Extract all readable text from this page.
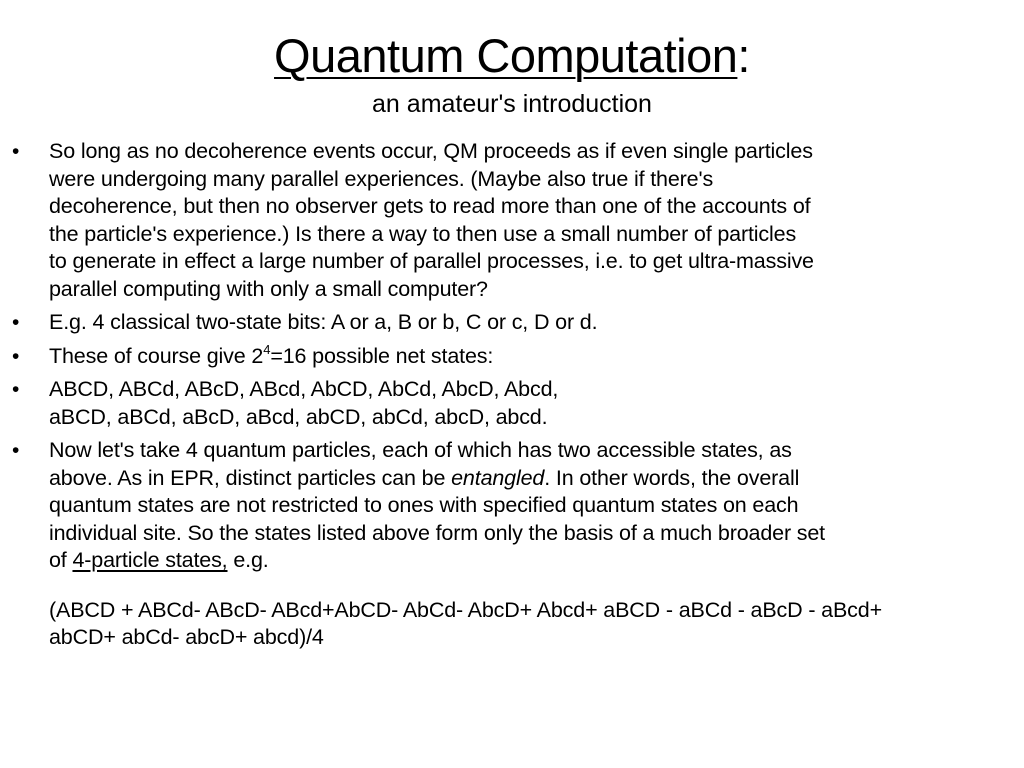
Quantum Computation:
an amateur's introduction
•	So long as no decoherence events occur, QM proceeds as if even single particles
were undergoing many parallel experiences. (Maybe also true if there's
decoherence, but then no observer gets to read more than one of the accounts of
the particle's experience.) Is there a way to then use a small number of particles
to generate in effect a large number of parallel processes, i.e. to get ultra-massive
parallel computing with only a small computer?
•	E.g. 4 classical two-state bits: A or a, B or b, C or c, D or d.
•	These of course give $2^4=16$ possible net states:
•	ABCD, ABCd, ABcD, ABcd, AbCD, AbCd, AbcD, Abcd,
aBCD, aBCd, aBcD, aBcd, abCD, abCd, abcD, abcd.
•	Now let's take 4 quantum particles, each of which has two accessible states, as
above. As in EPR, distinct particles can be entangled. In other words, the overall
quantum states are not restricted to ones with specified quantum states on each
individual site. So the states listed above form only the basis of a much broader set
of 4-particle states, e.g.
(ABCD + ABCd- ABcD- ABcd+AbCD- AbCd- AbcD+ Abcd+ aBCD - aBCd - aBcD - aBcd+
abCD+ abCd- abcD+ abcd)/4
